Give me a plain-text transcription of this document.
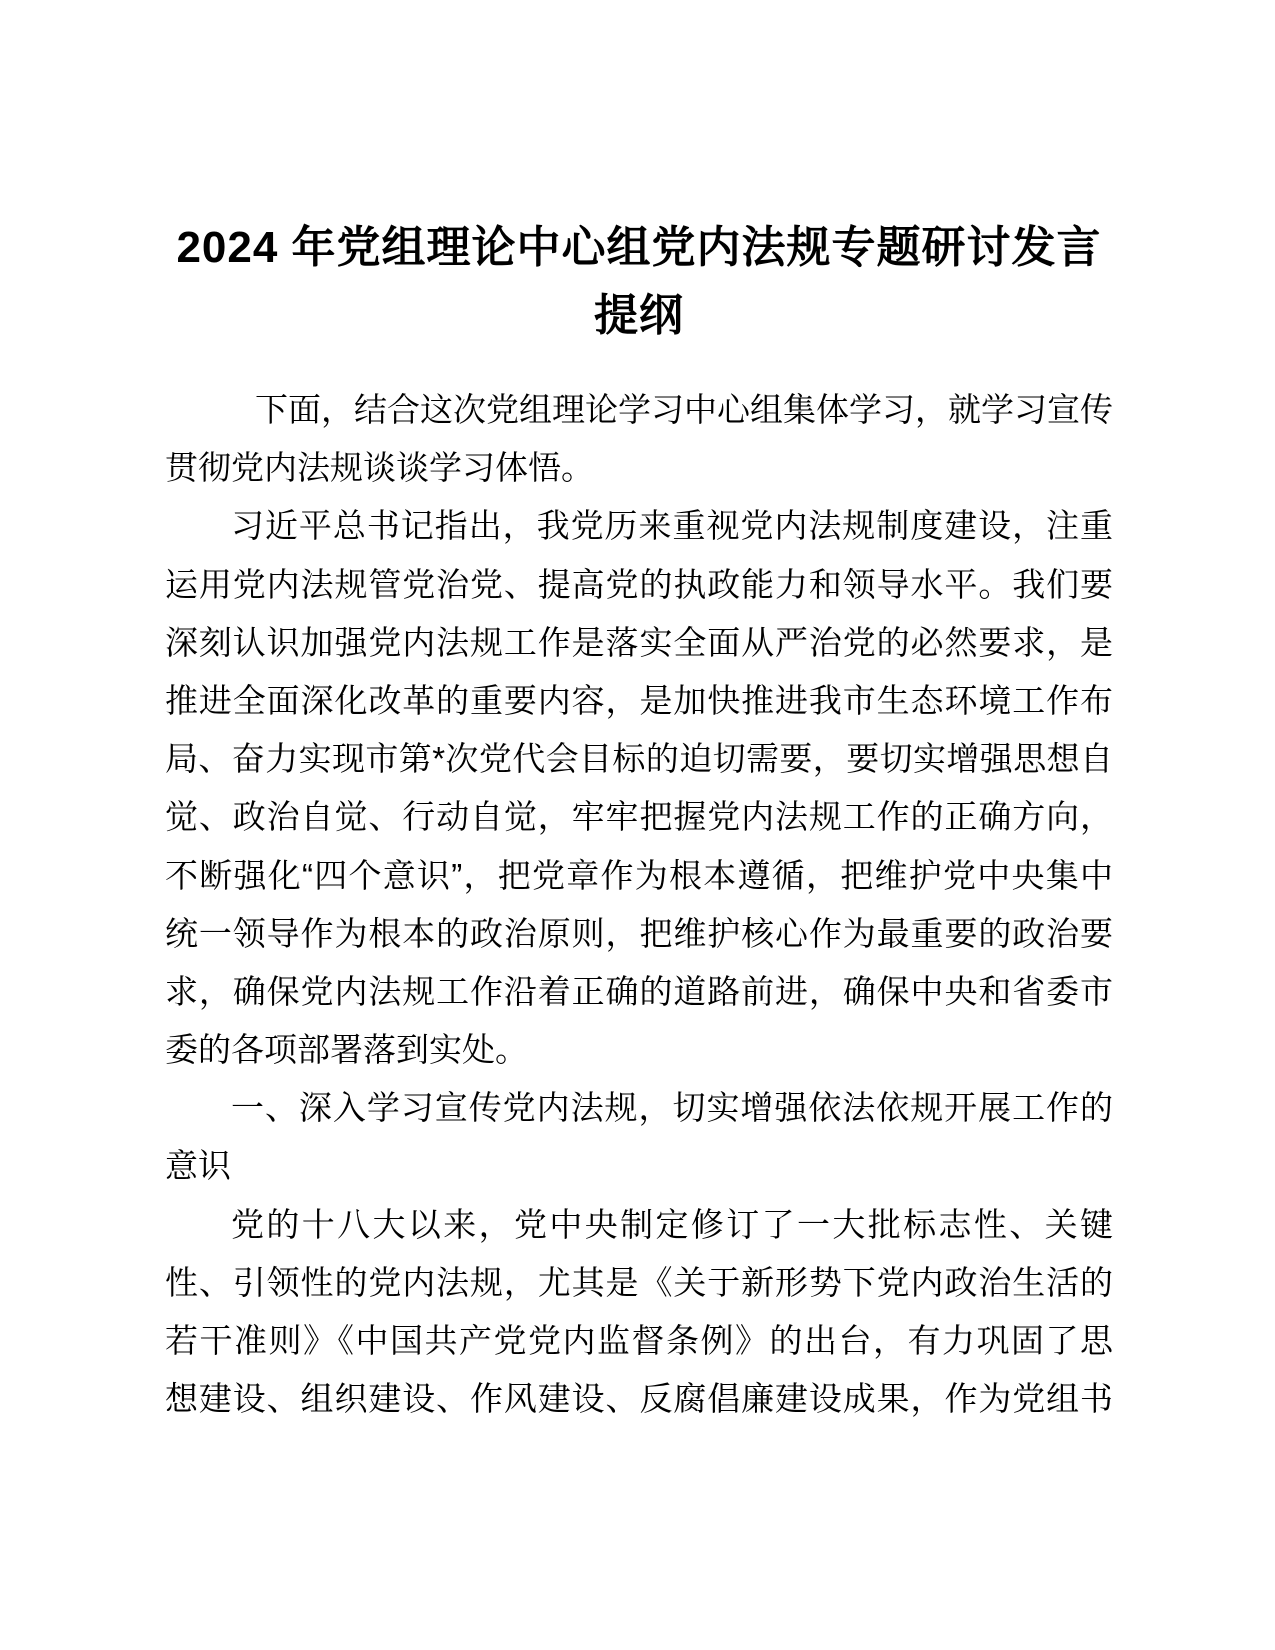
2024 年党组理论中心组党内法规专题研讨发言
提纲
下面，结合这次党组理论学习中心组集体学习，就学习宣传
贯彻党内法规谈谈学习体悟。
习近平总书记指出，我党历来重视党内法规制度建设，注重
运用党内法规管党治党、提高党的执政能力和领导水平。我们要
深刻认识加强党内法规工作是落实全面从严治党的必然要求，是
推进全面深化改革的重要内容，是加快推进我市生态环境工作布
局、奋力实现市第*次党代会目标的迫切需要，要切实增强思想自
觉、政治自觉、行动自觉，牢牢把握党内法规工作的正确方向，
不断强化“四个意识”，把党章作为根本遵循，把维护党中央集中
统一领导作为根本的政治原则，把维护核心作为最重要的政治要
求，确保党内法规工作沿着正确的道路前进，确保中央和省委市
委的各项部署落到实处。
一、深入学习宣传党内法规，切实增强依法依规开展工作的
意识
党的十八大以来，党中央制定修订了一大批标志性、关键
性、引领性的党内法规，尤其是《关于新形势下党内政治生活的
若干准则》《中国共产党党内监督条例》的出台，有力巩固了思
想建设、组织建设、作风建设、反腐倡廉建设成果，作为党组书
